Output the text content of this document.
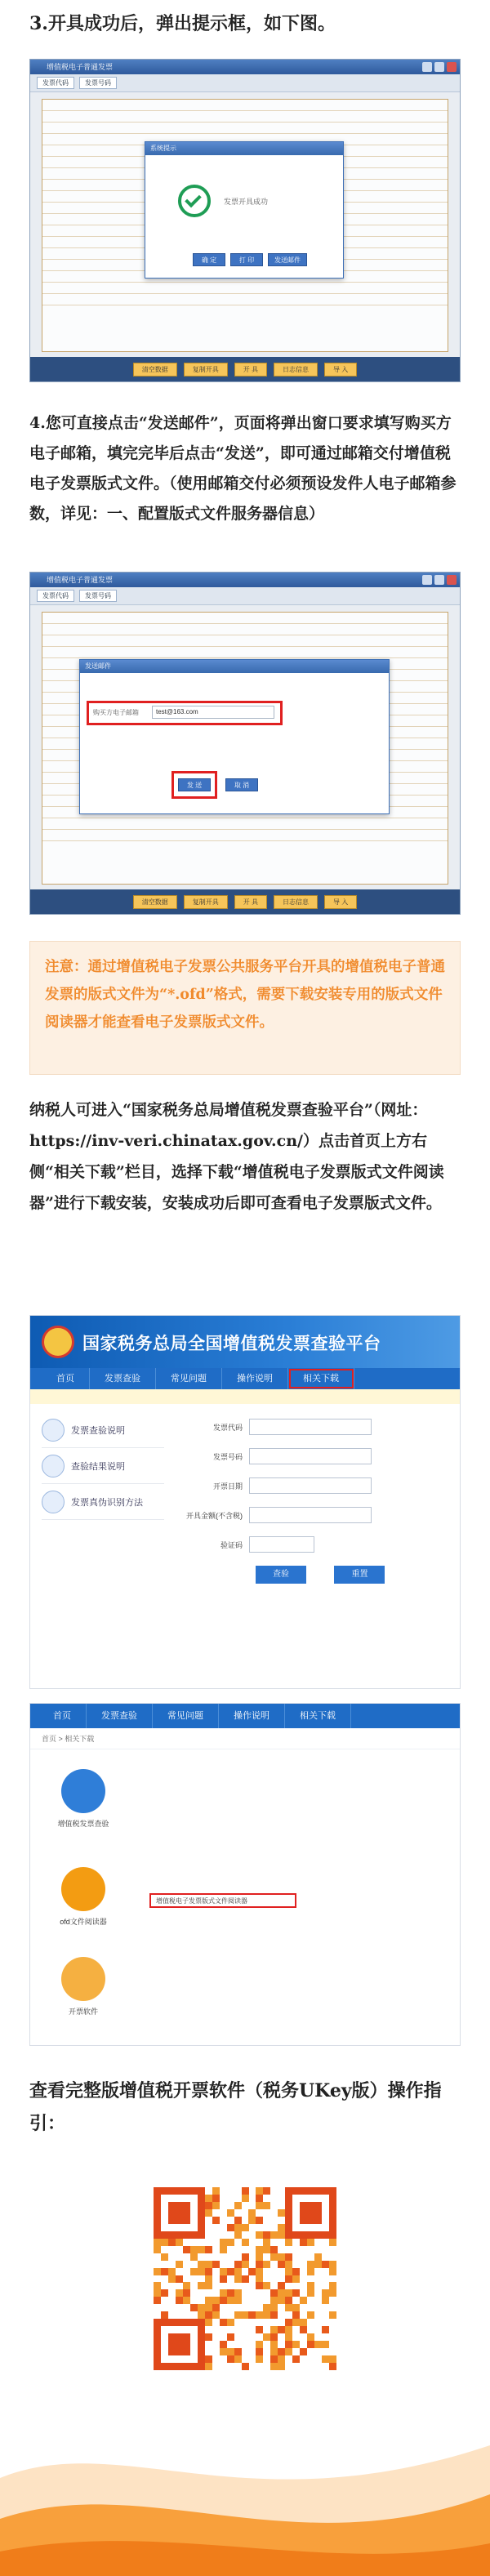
3.开具成功后，弹出提示框，如下图。
增值税电子普通发票
发票代码	发票号码
系统提示
发票开具成功
确 定	打 印	发送邮件
清空数据	复制开具	开 具	日志信息	导 入
4.您可直接点击“发送邮件”，页面将弹出窗口要求填写购买方电子邮箱，填完完毕后点击“发送”，即可通过邮箱交付增值税电子发票版式文件。（使用邮箱交付必须预设发件人电子邮箱参数，详见：一、配置版式文件服务器信息）
增值税电子普通发票
发票代码	发票号码
发送邮件
购买方电子邮箱	test@163.com
发 送	取 消
清空数据	复制开具	开 具	日志信息	导 入
注意：通过增值税电子发票公共服务平台开具的增值税电子普通发票的版式文件为“*.ofd”格式，需要下载安装专用的版式文件阅读器才能查看电子发票版式文件。
纳税人可进入“国家税务总局增值税发票查验平台”（网址：https://inv-veri.chinatax.gov.cn/）点击首页上方右侧“相关下载”栏目，选择下载“增值税电子发票版式文件阅读器”进行下载安装，安装成功后即可查看电子发票版式文件。
国家税务总局全国增值税发票查验平台
首页	发票查验	常见问题	操作说明	相关下载
发票查验说明
查验结果说明
发票真伪识别方法
发票代码
发票号码
开票日期
开具金额(不含税)
验证码
查验	重置
首页	发票查验	常见问题	操作说明	相关下载
首页 > 相关下载
增值税发票查验
ofd文件阅读器
开票软件
增值税电子发票版式文件阅读器
查看完整版增值税开票软件（税务UKey版）操作指引：
